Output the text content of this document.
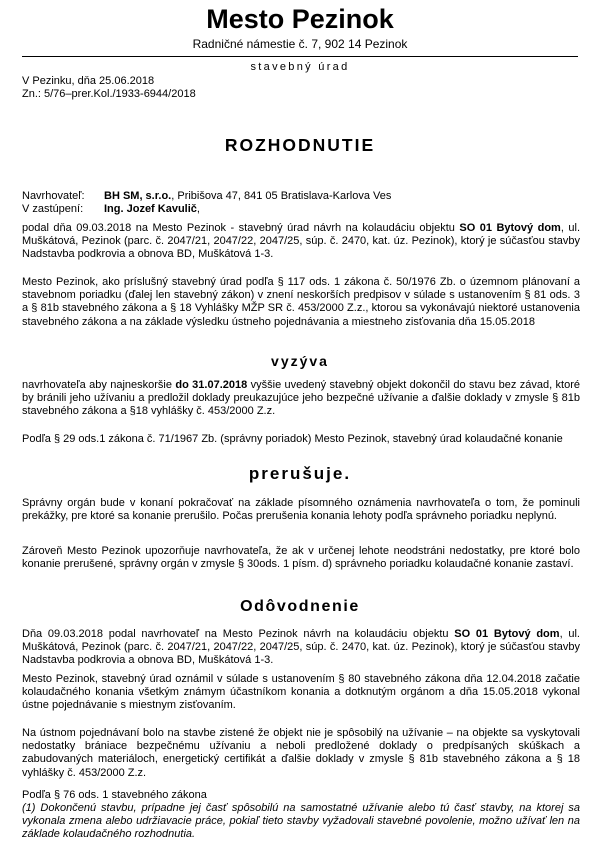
Mesto Pezinok
Radničné námestie č. 7, 902 14 Pezinok
stavebný úrad
V Pezinku, dňa 25.06.2018
Zn.: 5/76–prer.Kol./1933-6944/2018
ROZHODNUTIE
Navrhovateľ: BH SM, s.r.o., Pribišova 47, 841 05 Bratislava-Karlova Ves
V zastúpení: Ing. Jozef Kavulič,
podal dňa 09.03.2018 na Mesto Pezinok - stavebný úrad návrh na kolaudáciu objektu SO 01 Bytový dom, ul. Muškátová, Pezinok (parc. č. 2047/21, 2047/22, 2047/25, súp. č. 2470, kat. úz. Pezinok), ktorý je súčasťou stavby Nadstavba podkrovia a obnova BD, Muškátová 1-3.
Mesto Pezinok, ako príslušný stavebný úrad podľa § 117 ods. 1 zákona č. 50/1976 Zb. o územnom plánovaní a stavebnom poriadku (ďalej len stavebný zákon) v znení neskorších predpisov v súlade s ustanovením § 81 ods. 3 a § 81b stavebného zákona a § 18 Vyhlášky MŽP SR č. 453/2000 Z.z., ktorou sa vykonávajú niektoré ustanovenia stavebného zákona a na základe výsledku ústneho pojednávania a miestneho zisťovania dňa 15.05.2018
vyzýva
navrhovateľa aby najneskoršie do 31.07.2018 vyššie uvedený stavebný objekt dokončil do stavu bez závad, ktoré by bránili jeho užívaniu a predložil doklady preukazujúce jeho bezpečné užívanie a ďalšie doklady v zmysle § 81b stavebného zákona a §18 vyhlášky č. 453/2000 Z.z.
Podľa § 29 ods.1 zákona č. 71/1967 Zb. (správny poriadok) Mesto Pezinok, stavebný úrad kolaudačné konanie
prerušuje.
Správny orgán bude v konaní pokračovať na základe písomného oznámenia navrhovateľa o tom, že pominuli prekážky, pre ktoré sa konanie prerušilo. Počas prerušenia konania lehoty podľa správneho poriadku neplynú.
Zároveň Mesto Pezinok upozorňuje navrhovateľa, že ak v určenej lehote neodstráni nedostatky, pre ktoré bolo konanie prerušené, správny orgán v zmysle § 30ods. 1 písm. d) správneho poriadku kolaudačné konanie zastaví.
Odôvodnenie
Dňa 09.03.2018 podal navrhovateľ na Mesto Pezinok návrh na kolaudáciu objektu SO 01 Bytový dom, ul. Muškátová, Pezinok (parc. č. 2047/21, 2047/22, 2047/25, súp. č. 2470, kat. úz. Pezinok), ktorý je súčasťou stavby Nadstavba podkrovia a obnova BD, Muškátová 1-3.
Mesto Pezinok, stavebný úrad oznámil v súlade s ustanovením § 80 stavebného zákona dňa 12.04.2018 začatie kolaudačného konania všetkým známym účastníkom konania a dotknutým orgánom a dňa 15.05.2018 vykonal ústne pojednávanie s miestnym zisťovaním.
Na ústnom pojednávaní bolo na stavbe zistené že objekt nie je spôsobilý na užívanie – na objekte sa vyskytovali nedostatky brániace bezpečnému užívaniu a neboli predložené doklady o predpísaných skúškach a zabudovaných materiáloch, energetický certifikát a ďalšie doklady v zmysle § 81b stavebného zákona a § 18 vyhlášky č. 453/2000 Z.z.
Podľa § 76 ods. 1 stavebného zákona
(1) Dokončenú stavbu, prípadne jej časť spôsobilú na samostatné užívanie alebo tú časť stavby, na ktorej sa vykonala zmena alebo udržiavacie práce, pokiaľ tieto stavby vyžadovali stavebné povolenie, možno užívať len na základe kolaudačného rozhodnutia.
